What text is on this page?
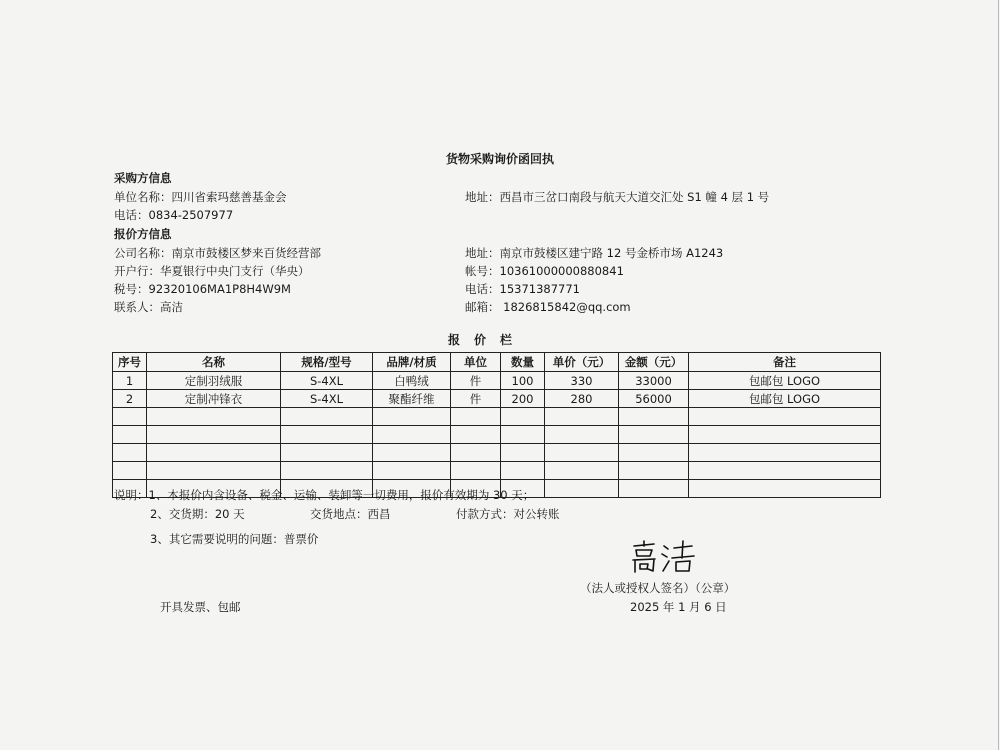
货物采购询价函回执
采购方信息
单位名称：四川省索玛慈善基金会	地址：西昌市三岔口南段与航天大道交汇处 S1 幢 4 层 1 号
电话：0834-2507977
报价方信息
公司名称：南京市鼓楼区梦来百货经营部	地址：南京市鼓楼区建宁路 12 号金桥市场 A1243
开户行：华夏银行中央门支行（华央）	帐号：10361000000880841
税号：92320106MA1P8H4W9M	电话：15371387771
联系人：高洁	邮箱： 1826815842@qq.com
报价栏
序号	名称	规格/型号	品牌/材质	单位	数量	单价（元）	金额（元）	备注
1	定制羽绒服	S-4XL	白鸭绒	件	100	330	33000	包邮包 LOGO
2	定制冲锋衣	S-4XL	聚酯纤维	件	200	280	56000	包邮包 LOGO

说明：1、本报价内含设备、税金、运输、装卸等一切费用，报价有效期为 30 天；
2、交货期：20 天	交货地点：西昌	付款方式：对公转账
3、其它需要说明的问题：普票价
（法人或授权人签名）（公章）
2025 年 1 月 6 日
开具发票、包邮
